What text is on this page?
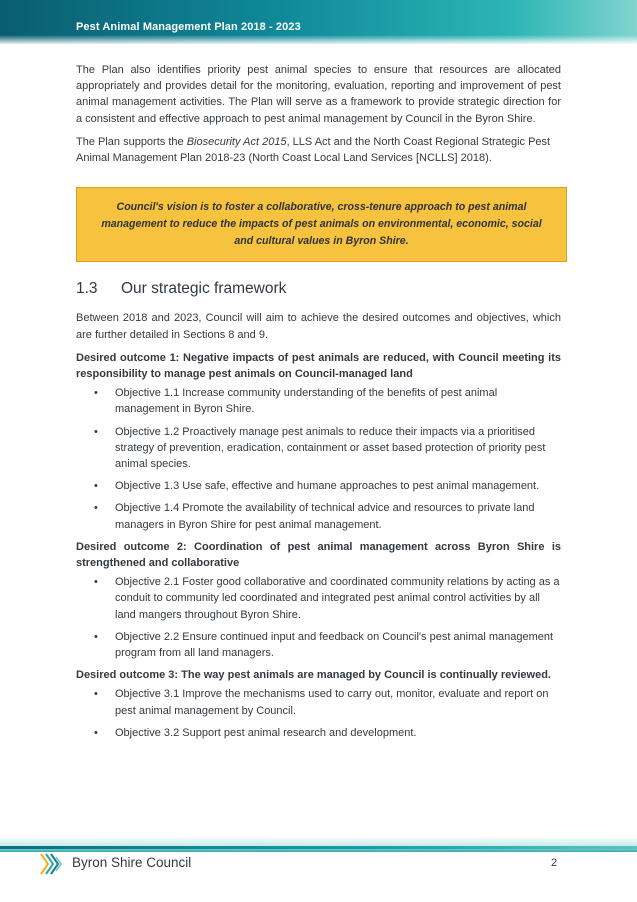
Pest Animal Management Plan 2018 - 2023

The Plan also identifies priority pest animal species to ensure that resources are allocated appropriately and provides detail for the monitoring, evaluation, reporting and improvement of pest animal management activities. The Plan will serve as a framework to provide strategic direction for a consistent and effective approach to pest animal management by Council in the Byron Shire.

The Plan supports the Biosecurity Act 2015, LLS Act and the North Coast Regional Strategic Pest Animal Management Plan 2018-23 (North Coast Local Land Services [NCLLS] 2018).

Council's vision is to foster a collaborative, cross-tenure approach to pest animal
management to reduce the impacts of pest animals on environmental, economic, social
and cultural values in Byron Shire.
1.3 Our strategic framework

Between 2018 and 2023, Council will aim to achieve the desired outcomes and objectives, which are further detailed in Sections 8 and 9.

Desired outcome 1: Negative impacts of pest animals are reduced, with Council meeting its responsibility to manage pest animals on Council-managed land
• Objective 1.1 Increase community understanding of the benefits of pest animal management in Byron Shire.
• Objective 1.2 Proactively manage pest animals to reduce their impacts via a prioritised strategy of prevention, eradication, containment or asset based protection of priority pest animal species.
• Objective 1.3 Use safe, effective and humane approaches to pest animal management.
• Objective 1.4 Promote the availability of technical advice and resources to private land managers in Byron Shire for pest animal management.
Desired outcome 2: Coordination of pest animal management across Byron Shire is strengthened and collaborative
• Objective 2.1 Foster good collaborative and coordinated community relations by acting as a conduit to community led coordinated and integrated pest animal control activities by all land mangers throughout Byron Shire.
• Objective 2.2 Ensure continued input and feedback on Council's pest animal management program from all land managers.
Desired outcome 3: The way pest animals are managed by Council is continually reviewed.
• Objective 3.1 Improve the mechanisms used to carry out, monitor, evaluate and report on pest animal management by Council.
• Objective 3.2 Support pest animal research and development.
Byron Shire Council	2
